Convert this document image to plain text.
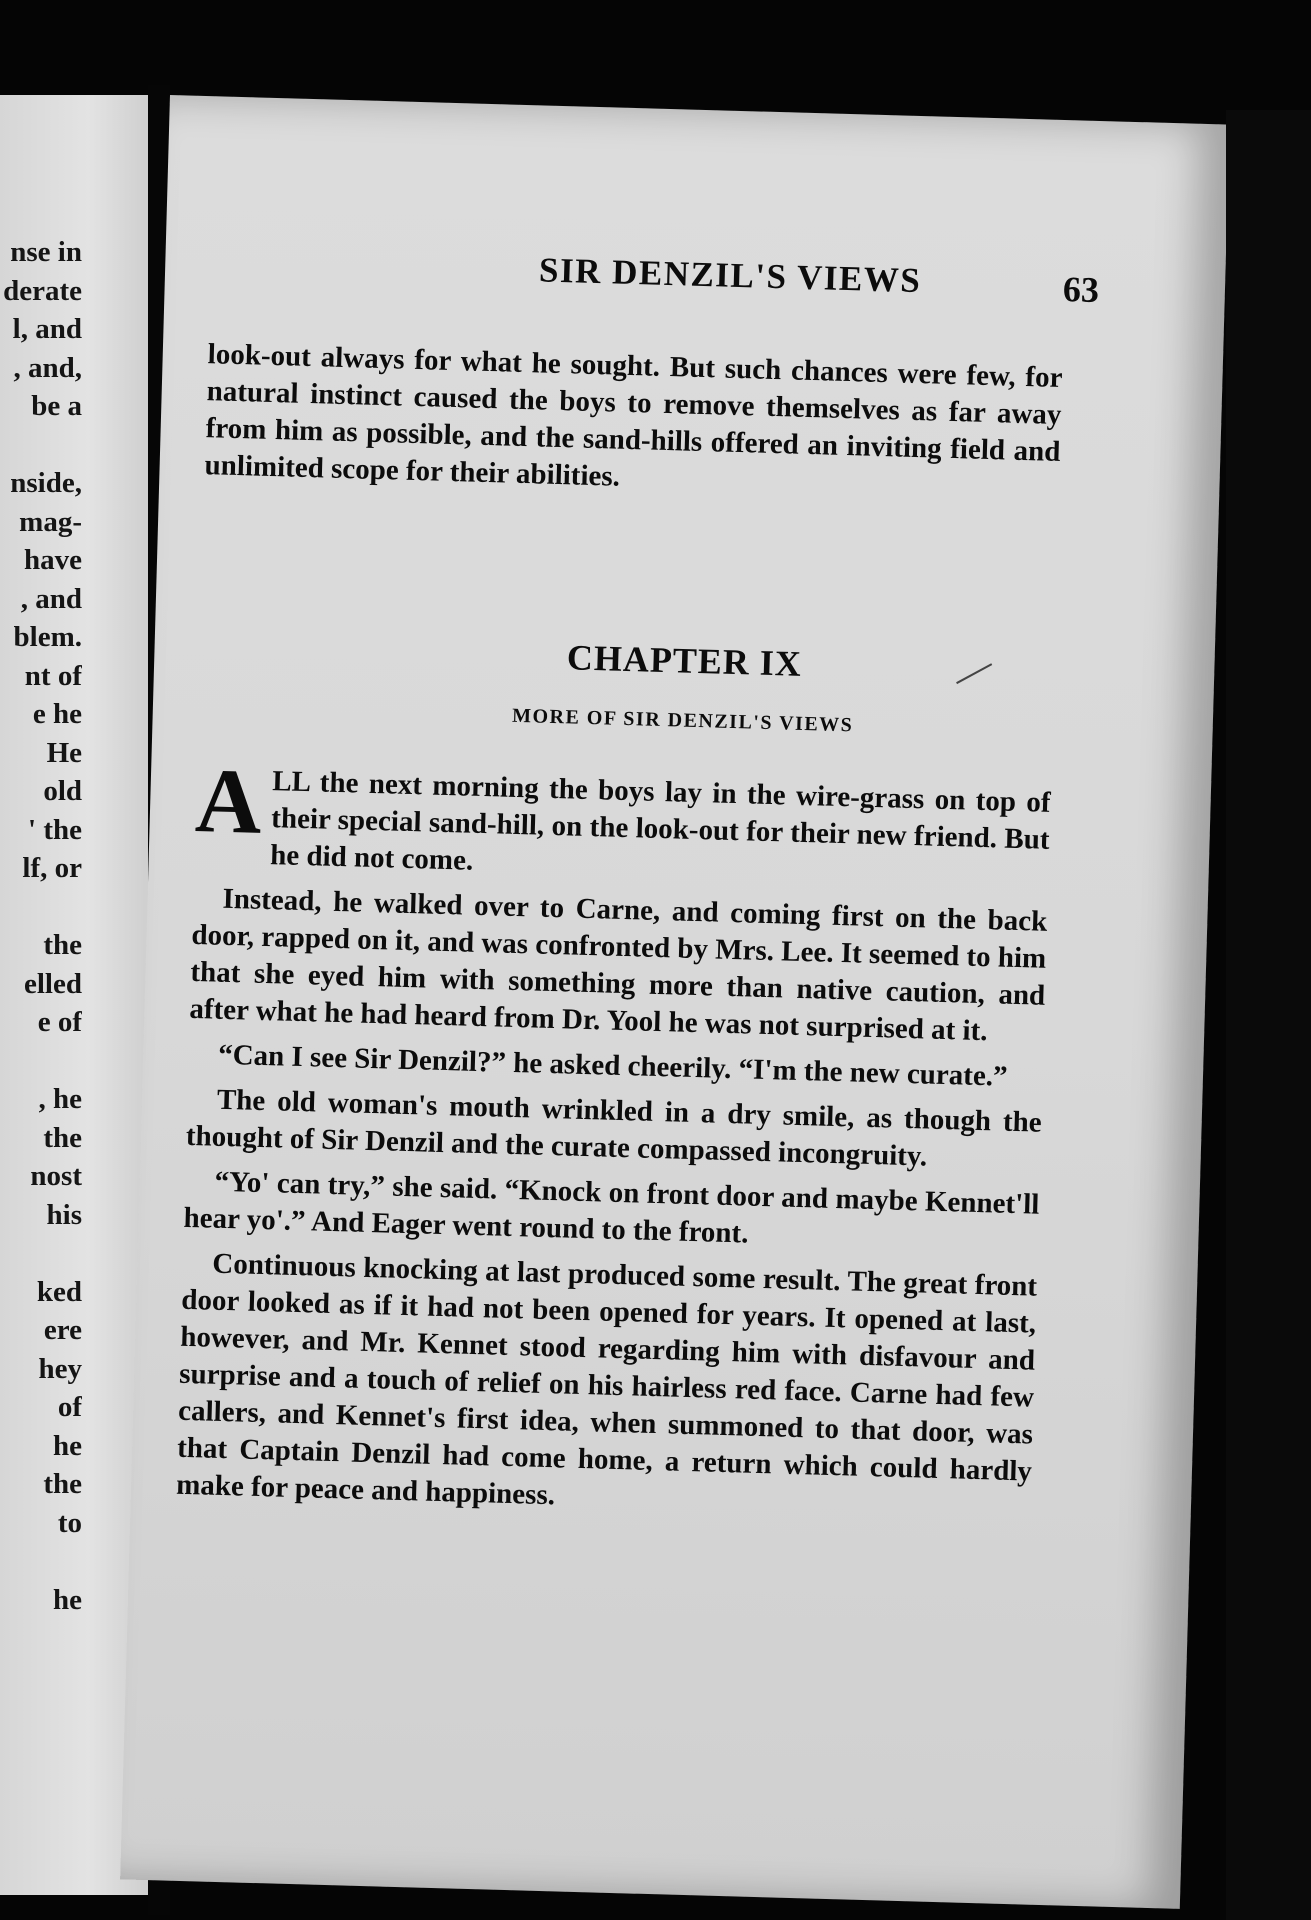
nse in
derate
l, and
, and,
be a
nside,
mag-
have
, and
blem.
nt of
e he
He
old
' the
lf, or
the
elled
e of
, he
the
nost
his
ked
ere
hey
of
he
the
to
he
SIR DENZIL'S VIEWS	63

look-out always for what he sought. But such chances were few, for natural instinct caused the boys to remove themselves as far away from him as possible, and the sand-hills offered an inviting field and unlimited scope for their abilities.

CHAPTER IX
MORE OF SIR DENZIL'S VIEWS

ALL the next morning the boys lay in the wire-grass on top of their special sand-hill, on the look-out for their new friend. But he did not come.

Instead, he walked over to Carne, and coming first on the back door, rapped on it, and was confronted by Mrs. Lee. It seemed to him that she eyed him with something more than native caution, and after what he had heard from Dr. Yool he was not surprised at it.

“Can I see Sir Denzil?” he asked cheerily. “I'm the new curate.”

The old woman's mouth wrinkled in a dry smile, as though the thought of Sir Denzil and the curate compassed incongruity.

“Yo' can try,” she said. “Knock on front door and maybe Kennet'll hear yo'.” And Eager went round to the front.

Continuous knocking at last produced some result. The great front door looked as if it had not been opened for years. It opened at last, however, and Mr. Kennet stood regarding him with disfavour and surprise and a touch of relief on his hairless red face. Carne had few callers, and Kennet's first idea, when summoned to that door, was that Captain Denzil had come home, a return which could hardly make for peace and happiness.
